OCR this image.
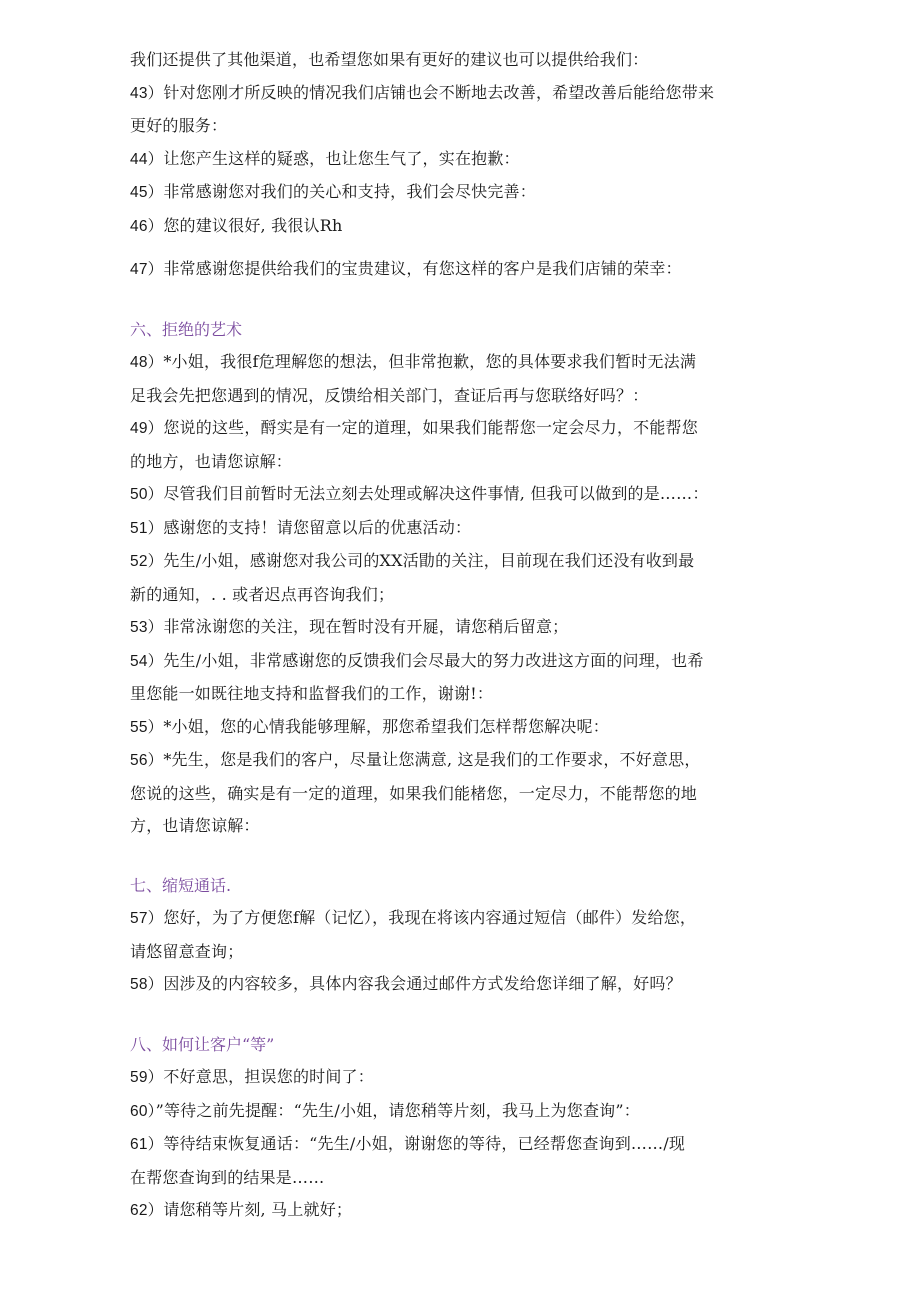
我们还提供了其他渠道，也希望您如果有更好的建议也可以提供给我们：
43）针对您刚才所反映的情况我们店铺也会不断地去改善，希望改善后能给您带来
更好的服务：
44）让您产生这样的疑惑，也让您生气了，实在抱歉：
45）非常感谢您对我们的关心和支持，我们会尽快完善：
46）您的建议很好, 我很认Rh
47）非常感谢您提供给我们的宝贵建议，有您这样的客户是我们店铺的荣幸：
六、拒绝的艺术
48）*小姐，我很f危理解您的想法，但非常抱歉，您的具体要求我们暂时无法满
足我会先把您遇到的情况，反馈给相关部门，查证后再与您联络好吗？：
49）您说的这些，酹实是有一定的道理，如果我们能帮您一定会尽力，不能帮您
的地方，也请您谅解：
50）尽管我们目前暂时无法立刻去处理或解决这件事情, 但我可以做到的是……：
51）感谢您的支持！请您留意以后的优惠活动：
52）先生/小姐，感谢您对我公司的XX活勖的关注，目前现在我们还没有收到最
新的通知，. . 或者迟点再咨询我们；
53）非常泳谢您的关注，现在暂时没有开屣，请您稍后留意；
54）先生/小姐，非常感谢您的反馈我们会尽最大的努力改进这方面的问理，也希
里您能一如既往地支持和监督我们的工作，谢谢!：
55）*小姐，您的心情我能够理解，那您希望我们怎样帮您解决呢：
56）*先生，您是我们的客户，尽量让您满意, 这是我们的工作要求，不好意思，
您说的这些，确实是有一定的道理，如果我们能楮您，一定尽力，不能帮您的地
方，也请您谅解：
七、缩短通话.
57）您好，为了方便您f解（记忆），我现在将该内容通过短信（邮件）发给您，
请悠留意查询；
58）因涉及的内容较多，具体内容我会通过邮件方式发给您详细了解，好吗？
八、如何让客户“等”
59）不好意思，担误您的时间了：
60）”等待之前先提醒：“先生/小姐，请您稍等片刻，我马上为您查询”：
61）等待结束恢复通话：“先生/小姐，谢谢您的等待，已经帮您查询到……/现
在帮您查询到的结果是……
62）请您稍等片刻, 马上就好；
